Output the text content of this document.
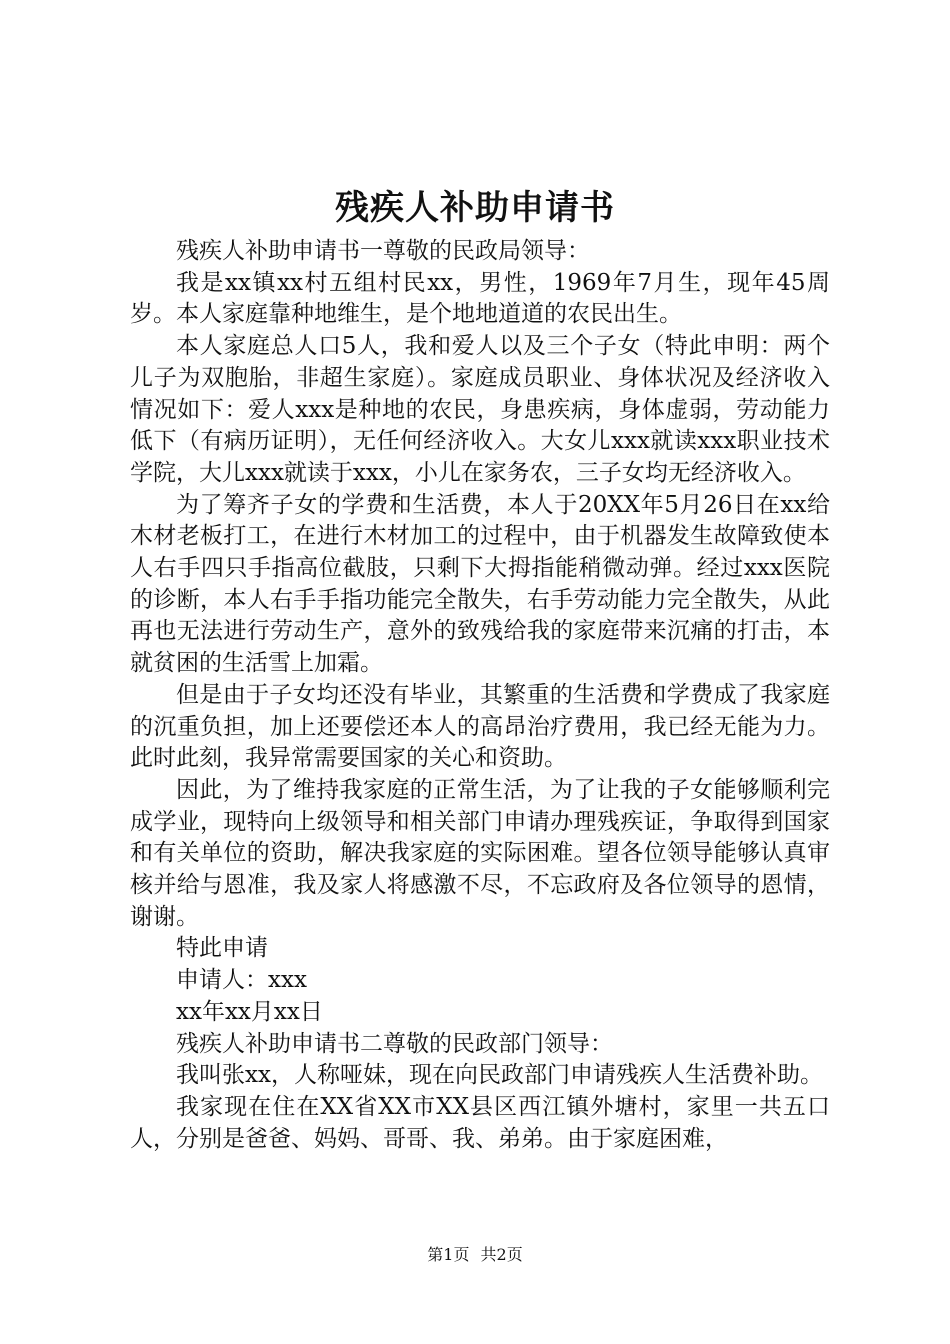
残疾人补助申请书

残疾人补助申请书一尊敬的民政局领导：

我是xx镇xx村五组村民xx，男性，1969年7月生，现年45周岁。本人家庭靠种地维生，是个地地道道的农民出生。

本人家庭总人口5人，我和爱人以及三个子女（特此申明：两个儿子为双胞胎，非超生家庭）。家庭成员职业、身体状况及经济收入情况如下：爱人xxx是种地的农民，身患疾病，身体虚弱，劳动能力低下（有病历证明），无任何经济收入。大女儿xxx就读xxx职业技术学院，大儿xxx就读于xxx，小儿在家务农，三子女均无经济收入。

为了筹齐子女的学费和生活费，本人于20XX年5月26日在xx给木材老板打工，在进行木材加工的过程中，由于机器发生故障致使本人右手四只手指高位截肢，只剩下大拇指能稍微动弹。经过xxx医院的诊断，本人右手手指功能完全散失，右手劳动能力完全散失，从此再也无法进行劳动生产，意外的致残给我的家庭带来沉痛的打击，本就贫困的生活雪上加霜。

但是由于子女均还没有毕业，其繁重的生活费和学费成了我家庭的沉重负担，加上还要偿还本人的高昂治疗费用，我已经无能为力。此时此刻，我异常需要国家的关心和资助。

因此，为了维持我家庭的正常生活，为了让我的子女能够顺利完成学业，现特向上级领导和相关部门申请办理残疾证，争取得到国家和有关单位的资助，解决我家庭的实际困难。望各位领导能够认真审核并给与恩准，我及家人将感激不尽，不忘政府及各位领导的恩情，谢谢。

特此申请

申请人：xxx

xx年xx月xx日

残疾人补助申请书二尊敬的民政部门领导：

我叫张xx，人称哑妹，现在向民政部门申请残疾人生活费补助。

我家现在住在XX省XX市XX县区西江镇外塘村，家里一共五口人，分别是爸爸、妈妈、哥哥、我、弟弟。由于家庭困难，

第1页 共2页
